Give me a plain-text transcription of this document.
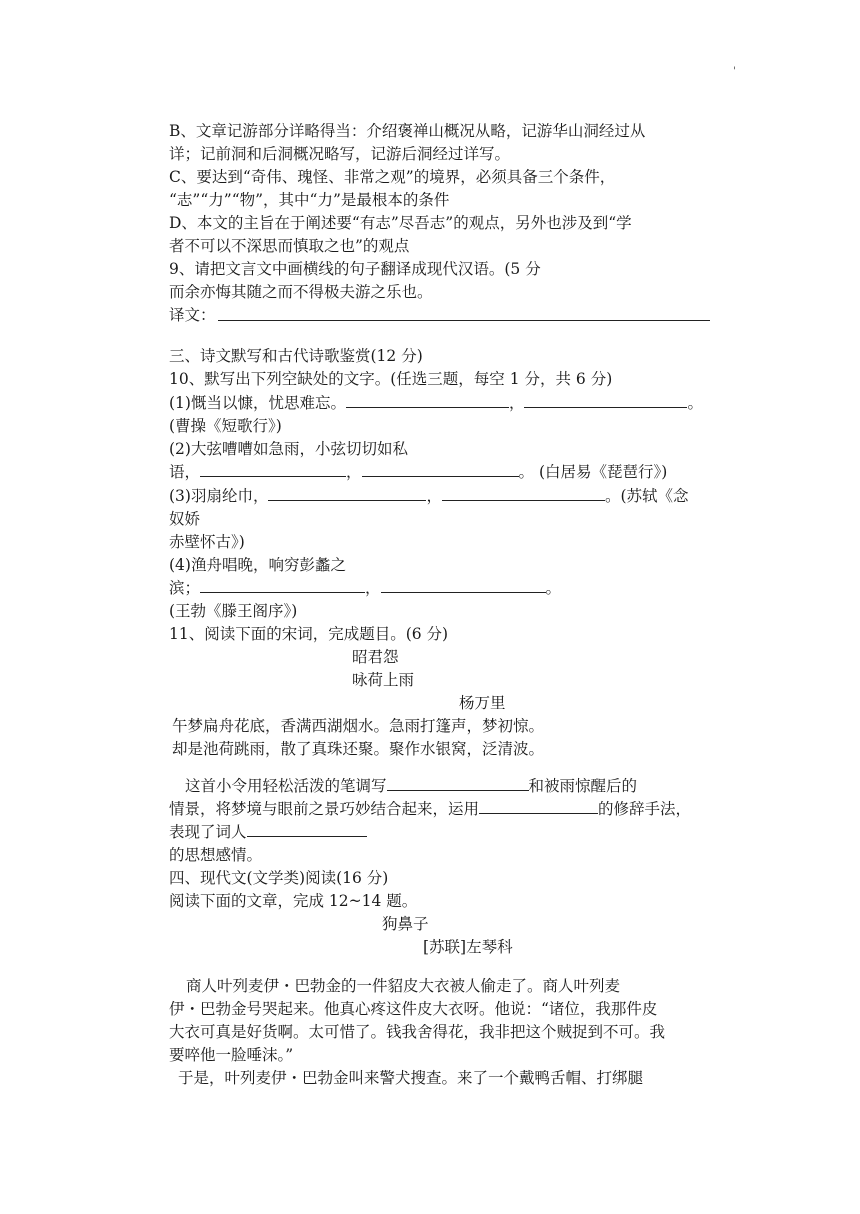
'
B、文章记游部分详略得当：介绍褒禅山概况从略，记游华山洞经过从
详；记前洞和后洞概况略写，记游后洞经过详写。
C、要达到“奇伟、瑰怪、非常之观”的境界，必须具备三个条件，
“志”“力”“物”，其中“力”是最根本的条件
D、本文的主旨在于阐述要“有志”尽吾志”的观点，另外也涉及到“学
者不可以不深思而慎取之也”的观点
9、请把文言文中画横线的句子翻译成现代汉语。(5 分
而余亦悔其随之而不得极夫游之乐也。
译文：
三、诗文默写和古代诗歌鉴赏(12 分)
10、默写出下列空缺处的文字。(任选三题，每空 1 分，共 6 分)
(1)慨当以慷，忧思难忘。	，	。
(曹操《短歌行》)
(2)大弦嘈嘈如急雨，小弦切切如私
语，	，	。 (白居易《琵琶行》)
(3)羽扇纶巾，	，	。(苏轼《念
奴娇
赤壁怀古》)
(4)渔舟唱晚，响穷彭蠡之
滨；	，	。
(王勃《滕王阁序》)
11、阅读下面的宋词，完成题目。(6 分)
昭君怨
咏荷上雨
杨万里
午梦扁舟花底，香满西湖烟水。急雨打篷声，梦初惊。
却是池荷跳雨，散了真珠还聚。聚作水银窝，泛清波。
这首小令用轻松活泼的笔调写	和被雨惊醒后的
情景，将梦境与眼前之景巧妙结合起来，运用	的修辞手法，
表现了词人
的思想感情。
四、现代文(文学类)阅读(16 分)
阅读下面的文章，完成 12~14 题。
狗鼻子
[苏联]左琴科
商人叶列麦伊・巴勃金的一件貂皮大衣被人偷走了。商人叶列麦
伊・巴勃金号哭起来。他真心疼这件皮大衣呀。他说：“诸位，我那件皮
大衣可真是好货啊。太可惜了。钱我舍得花，我非把这个贼捉到不可。我
要啐他一脸唾沫。”
于是，叶列麦伊・巴勃金叫来警犬搜查。来了一个戴鸭舌帽、打绑腿
